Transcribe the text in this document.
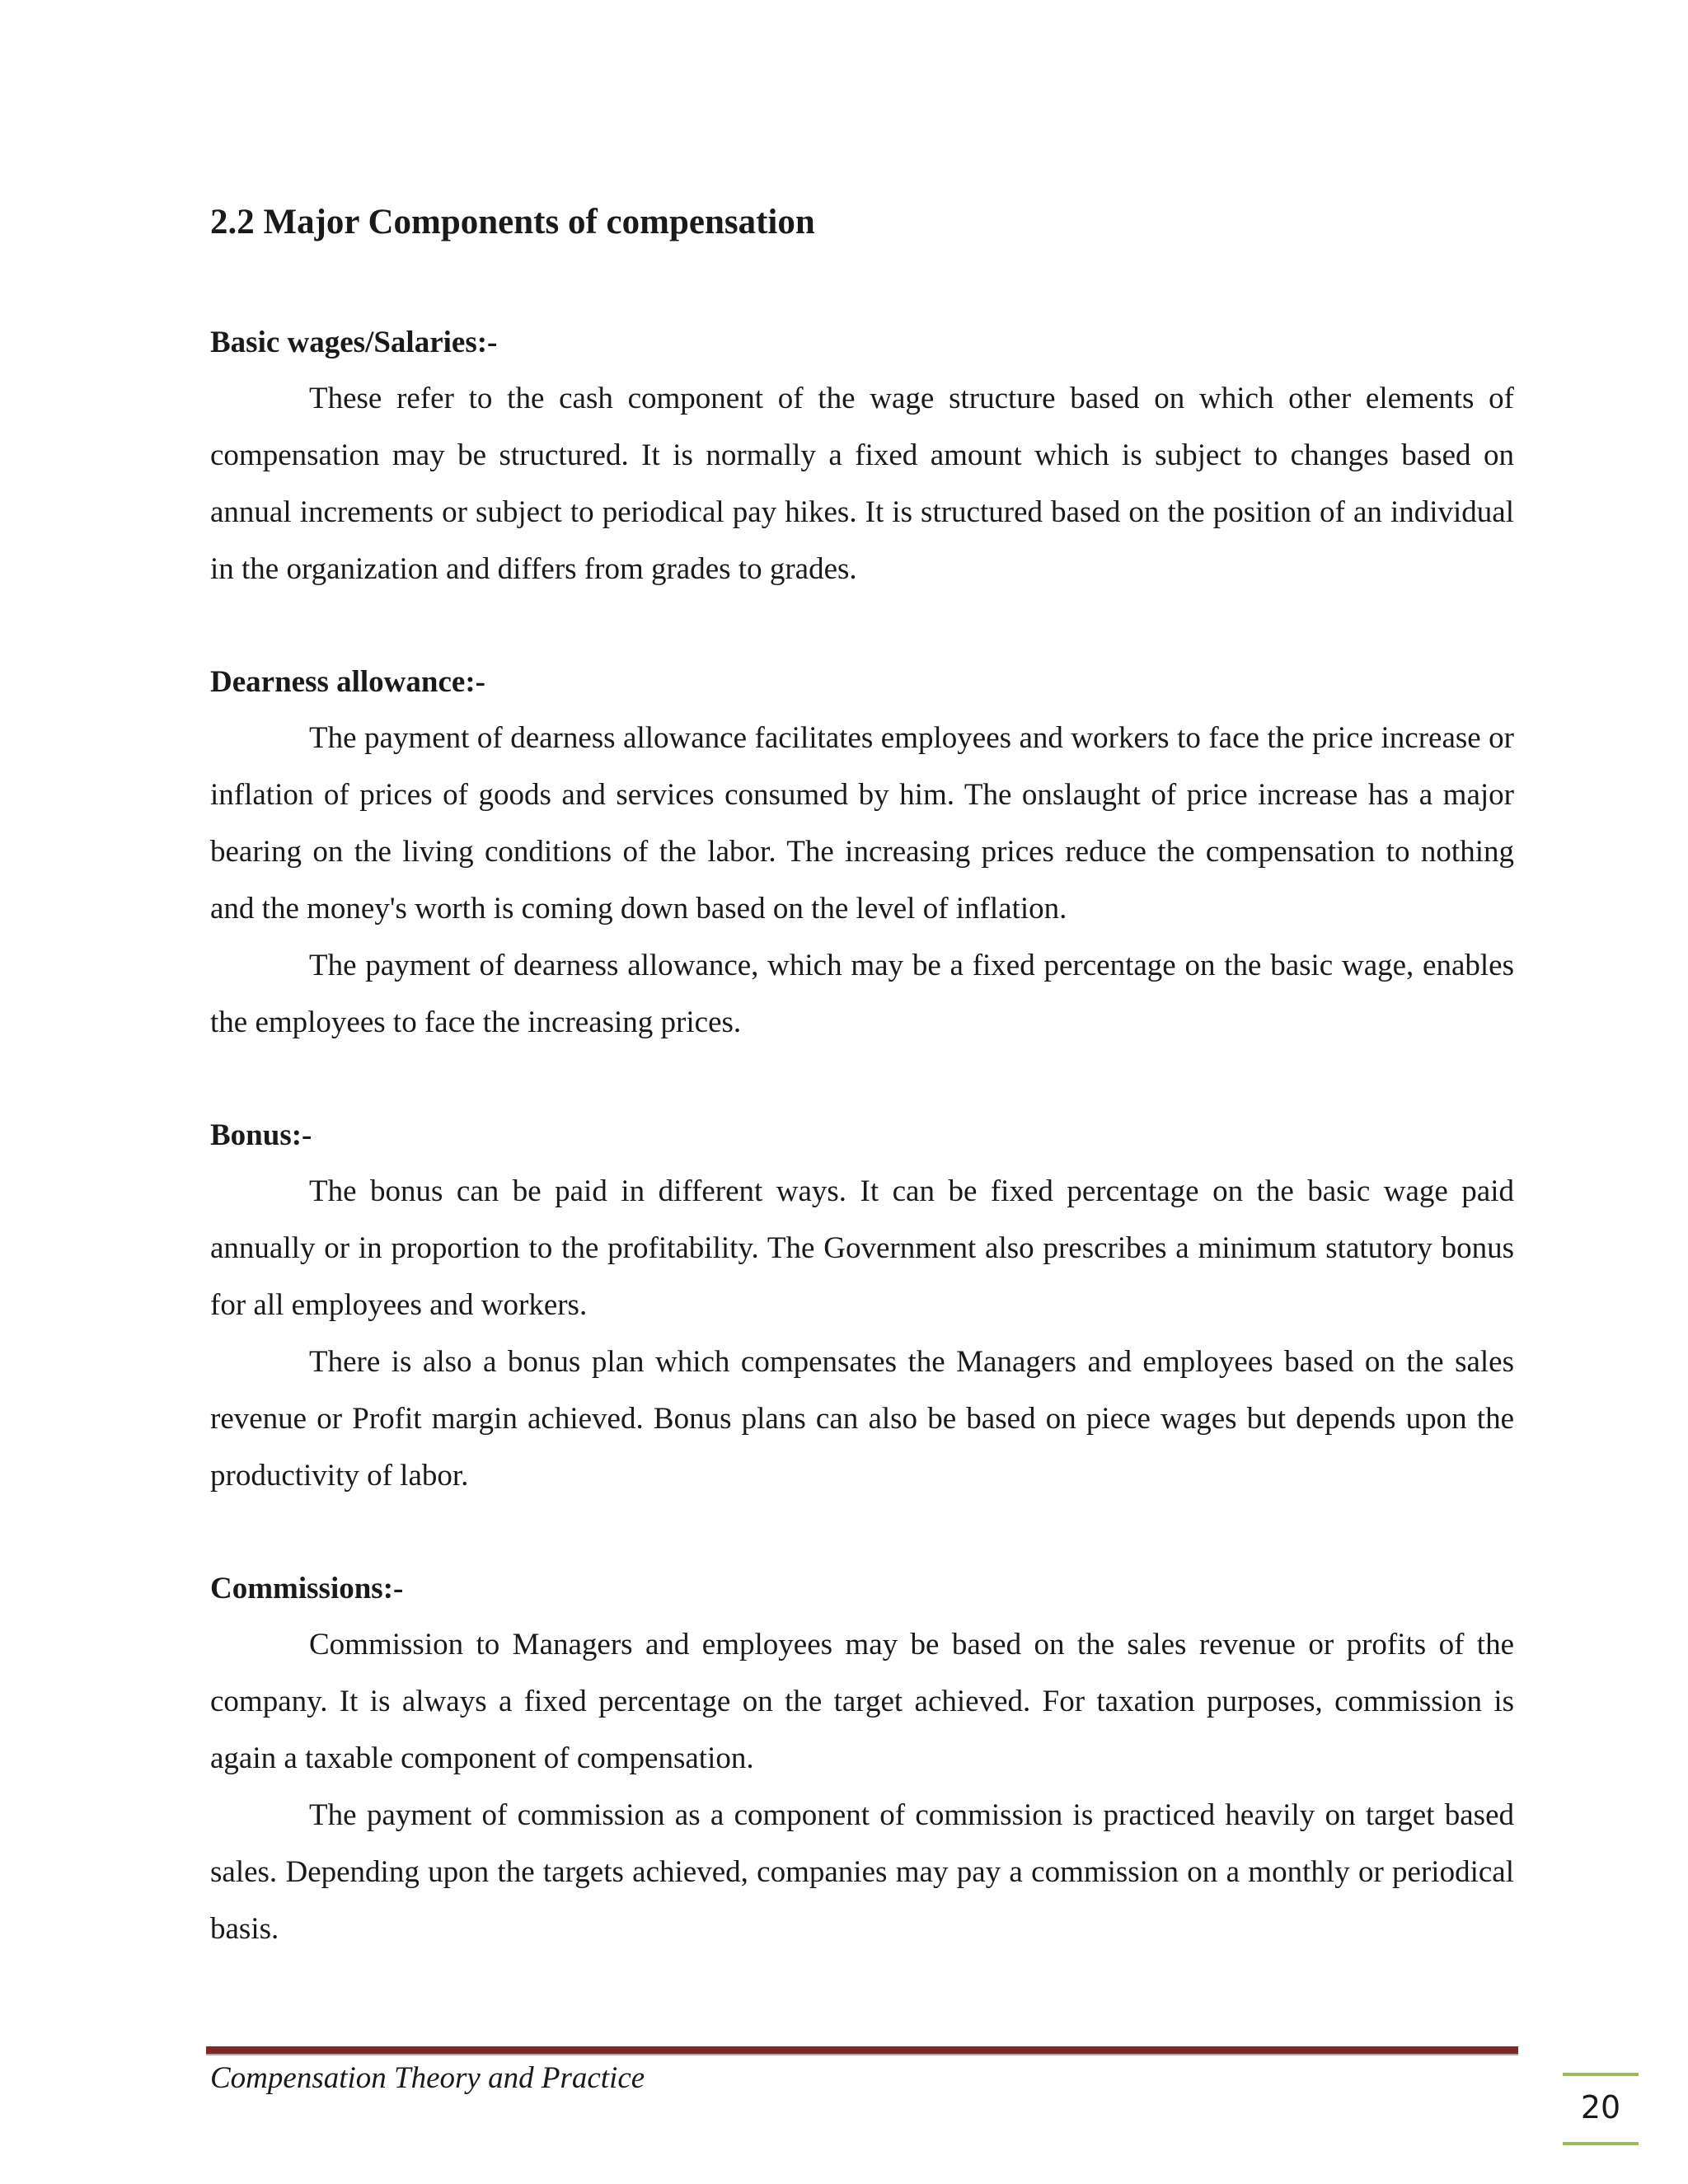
2.2 Major Components of compensation
Basic wages/Salaries:-

These refer to the cash component of the wage structure based on which other elements of compensation may be structured. It is normally a fixed amount which is subject to changes based on annual increments or subject to periodical pay hikes. It is structured based on the position of an individual in the organization and differs from grades to grades.

Dearness allowance:-

The payment of dearness allowance facilitates employees and workers to face the price increase or inflation of prices of goods and services consumed by him. The onslaught of price increase has a major bearing on the living conditions of the labor. The increasing prices reduce the compensation to nothing and the money's worth is coming down based on the level of inflation.

The payment of dearness allowance, which may be a fixed percentage on the basic wage, enables the employees to face the increasing prices.

Bonus:-

The bonus can be paid in different ways. It can be fixed percentage on the basic wage paid annually or in proportion to the profitability. The Government also prescribes a minimum statutory bonus for all employees and workers.

There is also a bonus plan which compensates the Managers and employees based on the sales revenue or Profit margin achieved. Bonus plans can also be based on piece wages but depends upon the productivity of labor.

Commissions:-

Commission to Managers and employees may be based on the sales revenue or profits of the company. It is always a fixed percentage on the target achieved. For taxation purposes, commission is again a taxable component of compensation.

The payment of commission as a component of commission is practiced heavily on target based sales. Depending upon the targets achieved, companies may pay a commission on a monthly or periodical basis.

Compensation Theory and Practice
20
